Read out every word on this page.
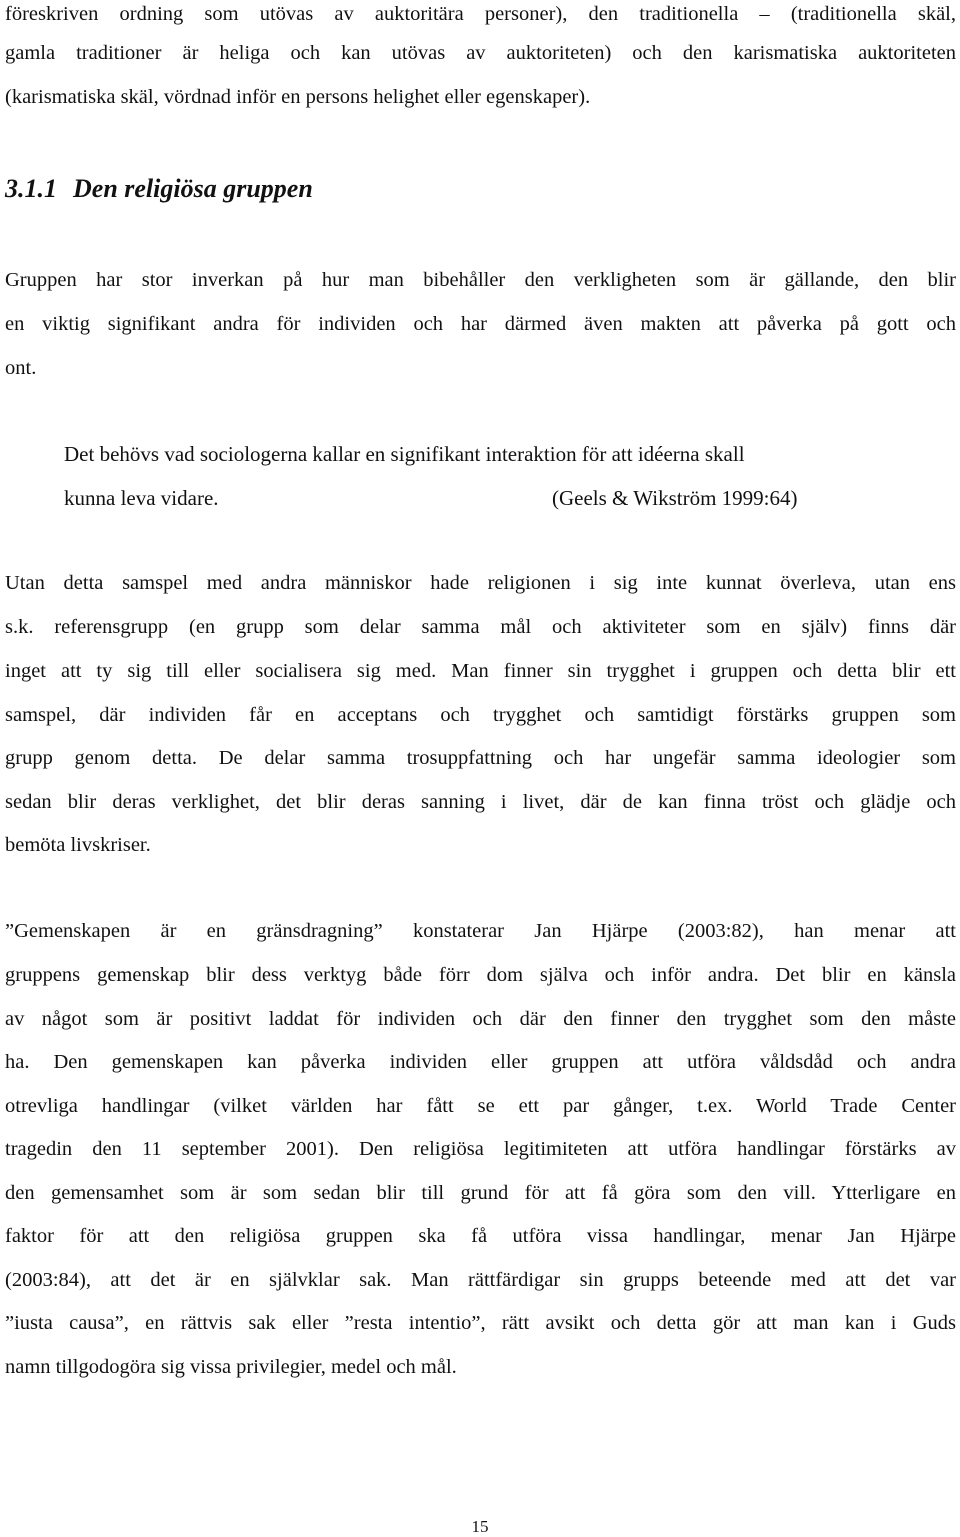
föreskriven ordning som utövas av auktoritära personer), den traditionella – (traditionella skäl,
gamla traditioner är heliga och kan utövas av auktoriteten) och den karismatiska auktoriteten
(karismatiska skäl, vördnad inför en persons helighet eller egenskaper).
3.1.1 Den religiösa gruppen
Gruppen har stor inverkan på hur man bibehåller den verkligheten som är gällande, den blir
en viktig signifikant andra för individen och har därmed även makten att påverka på gott och
ont.
Det behövs vad sociologerna kallar en signifikant interaktion för att idéerna skall
kunna leva vidare.	(Geels & Wikström 1999:64)
Utan detta samspel med andra människor hade religionen i sig inte kunnat överleva, utan ens
s.k. referensgrupp (en grupp som delar samma mål och aktiviteter som en själv) finns där
inget att ty sig till eller socialisera sig med. Man finner sin trygghet i gruppen och detta blir ett
samspel, där individen får en acceptans och trygghet och samtidigt förstärks gruppen som
grupp genom detta. De delar samma trosuppfattning och har ungefär samma ideologier som
sedan blir deras verklighet, det blir deras sanning i livet, där de kan finna tröst och glädje och
bemöta livskriser.
”Gemenskapen är en gränsdragning” konstaterar Jan Hjärpe (2003:82), han menar att
gruppens gemenskap blir dess verktyg både förr dom själva och inför andra. Det blir en känsla
av något som är positivt laddat för individen och där den finner den trygghet som den måste
ha. Den gemenskapen kan påverka individen eller gruppen att utföra våldsdåd och andra
otrevliga handlingar (vilket världen har fått se ett par gånger, t.ex. World Trade Center
tragedin den 11 september 2001). Den religiösa legitimiteten att utföra handlingar förstärks av
den gemensamhet som är som sedan blir till grund för att få göra som den vill. Ytterligare en
faktor för att den religiösa gruppen ska få utföra vissa handlingar, menar Jan Hjärpe
(2003:84), att det är en självklar sak. Man rättfärdigar sin grupps beteende med att det var
”iusta causa”, en rättvis sak eller ”resta intentio”, rätt avsikt och detta gör att man kan i Guds
namn tillgodogöra sig vissa privilegier, medel och mål.
15
